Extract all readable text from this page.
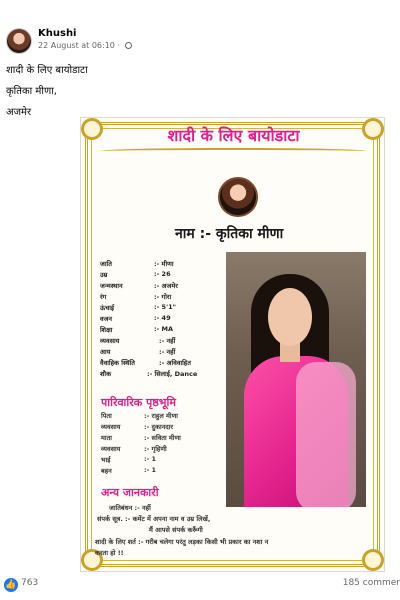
Khushi
22 August at 06:10 ·
शादी के लिए बायोडाटा
कृतिका मीणा,
अजमेर
शादी के लिए बायोडाटा
नाम :- कृतिका मीणा
जाति	:- मीणा
उम्र	:- 26
जन्मस्थान	:- अजमेर
रंग	:- गोरा
ऊंचाई	:- 5'1"
वजन	:- 49
शिक्षा	:- MA
व्यवसाय	:- नहीं
आय	:- नहीं
वैवाहिक स्थिति	:- अविवाहित
शौक	:- सिलाई, Dance
पारिवारिक पृष्ठभूमि
पिता	:- राहुल मीणा
व्यवसाय	:- दुकानदार
माता	:- सविता मीणा
व्यवसाय	:- गृहिणी
भाई	:- 1
बहन	:- 1
अन्य जानकारी
जातिबंधन :- नहीं
संपर्क सूत्र. :- कमेंट में अपना नाम व उम्र लिखें,
मैं आपसे संपर्क करूँगी
शादी के लिए शर्त :- गरीब चलेगा परंतु लड़का किसी भी प्रकार का नशा न
करता हो !!
👍 763	185 commer
